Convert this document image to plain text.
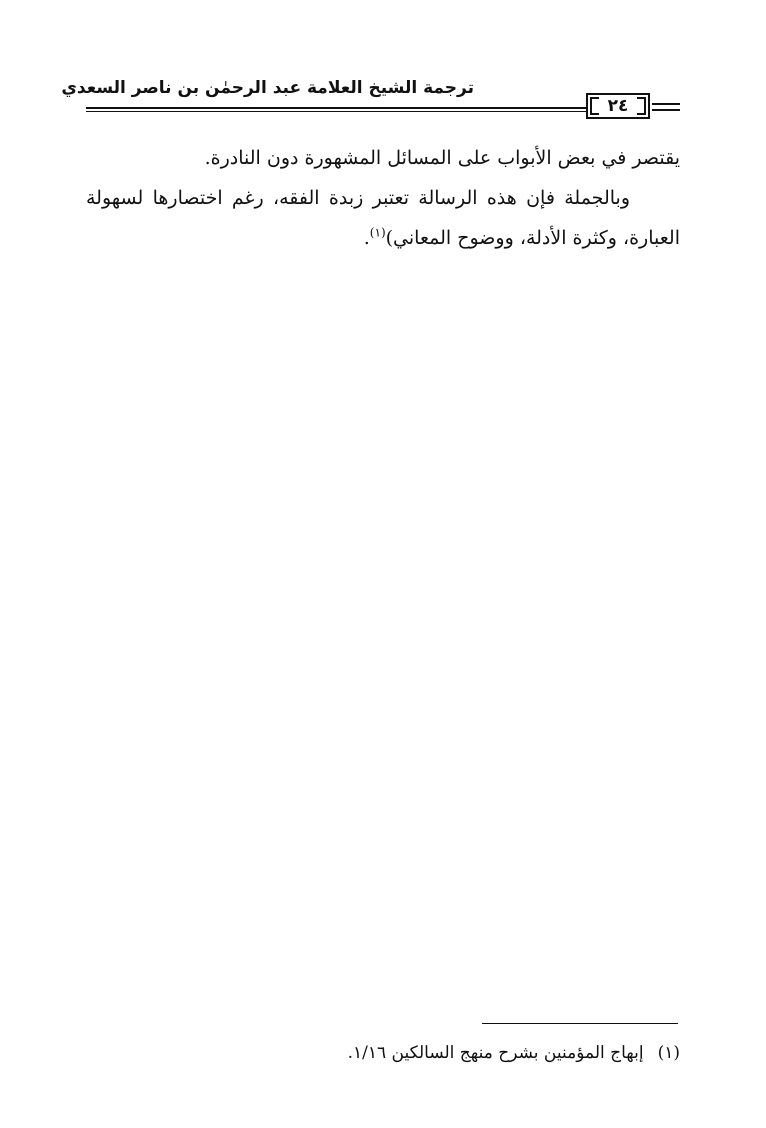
ترجمة الشيخ العلامة عبد الرحمٰن بن ناصر السعدي
٢٤

يقتصر في بعض الأبواب على المسائل المشهورة دون النادرة.

وبالجملة فإن هذه الرسالة تعتبر زبدة الفقه، رغم اختصارها لسهولة العبارة، وكثرة الأدلة، ووضوح المعاني)$^{(١)}$.

(١)إبهاج المؤمنين بشرح منهج السالكين ١/١٦.
